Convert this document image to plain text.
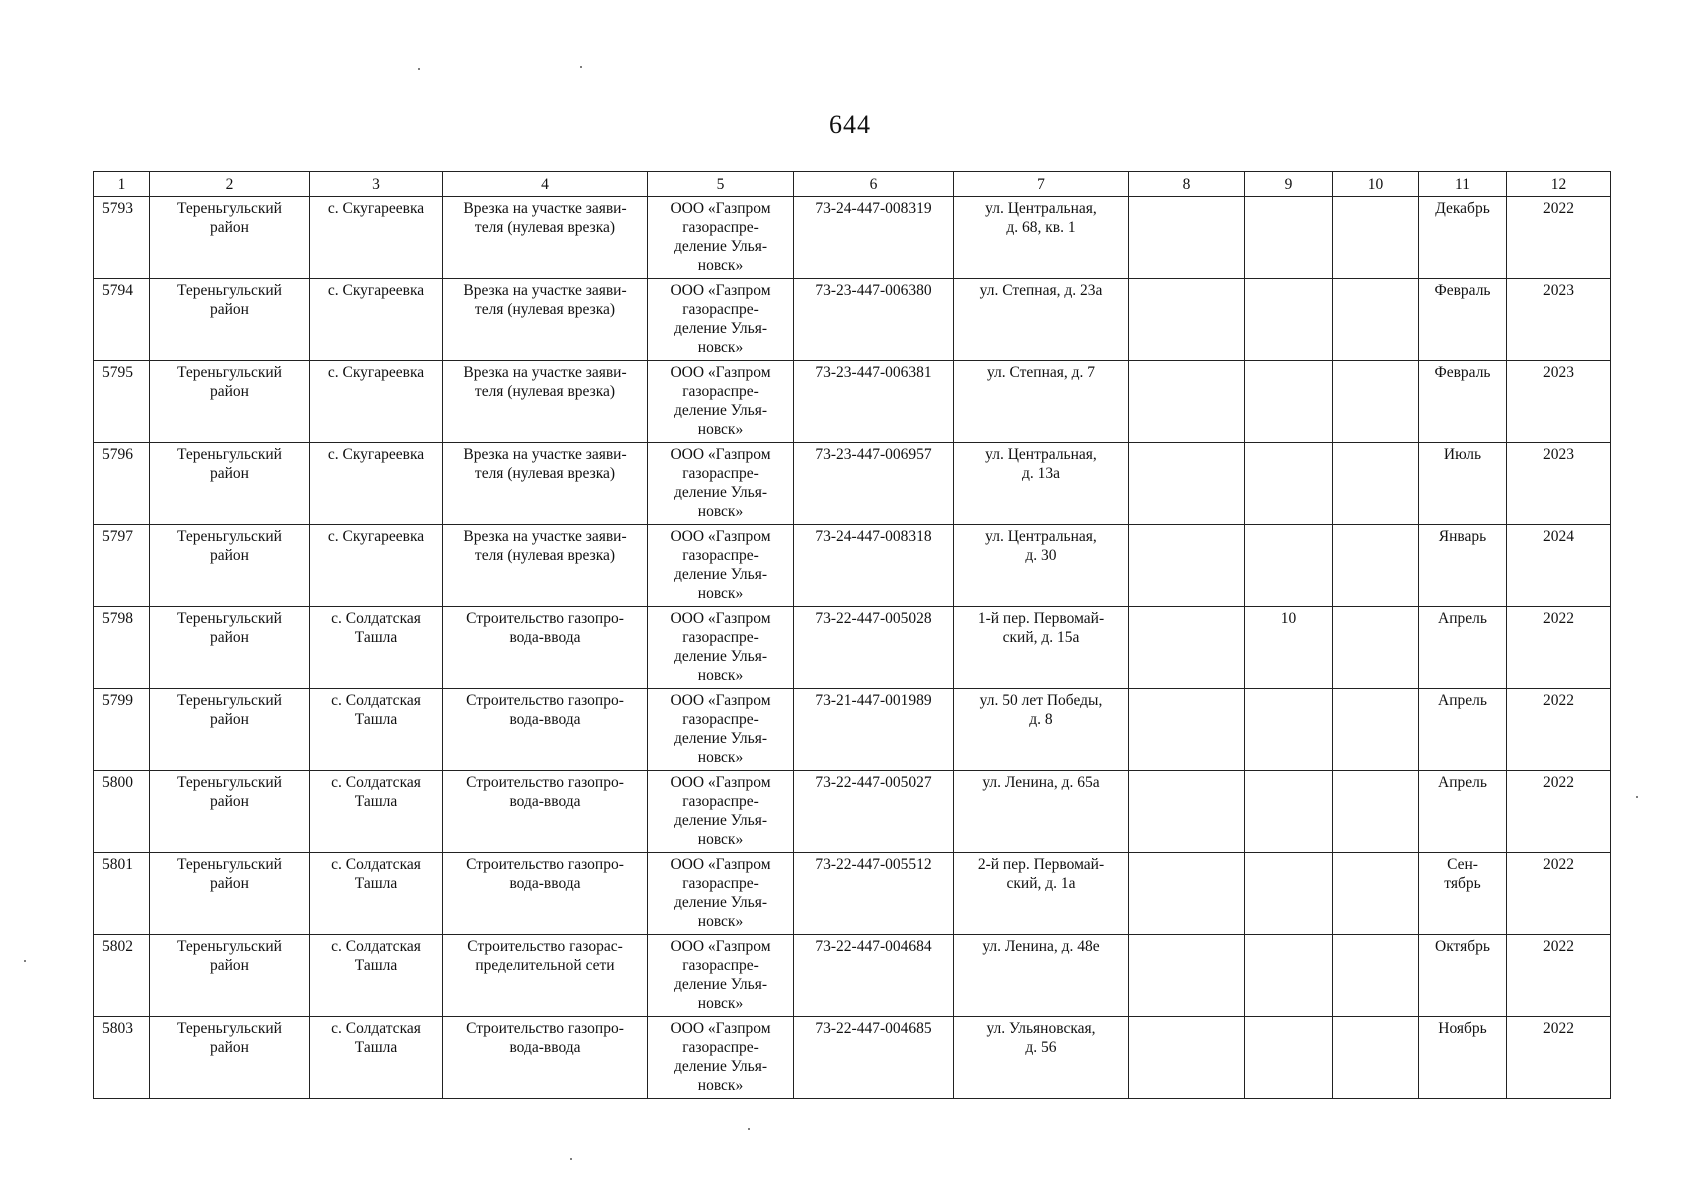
644
1	2	3	4	5	6	7	8	9	10	11	12

5793	Тереньгульский
район	с. Скугареевка	Врезка на участке заяви-
теля (нулевая врезка)	ООО «Газпром
газораспре-
деление Улья-
новск»	73-24-447-008319	ул. Центральная,
д. 68, кв. 1				Декабрь	2022

5794	Тереньгульский
район	с. Скугареевка	Врезка на участке заяви-
теля (нулевая врезка)	ООО «Газпром
газораспре-
деление Улья-
новск»	73-23-447-006380	ул. Степная, д. 23а				Февраль	2023

5795	Тереньгульский
район	с. Скугареевка	Врезка на участке заяви-
теля (нулевая врезка)	ООО «Газпром
газораспре-
деление Улья-
новск»	73-23-447-006381	ул. Степная, д. 7				Февраль	2023

5796	Тереньгульский
район	с. Скугареевка	Врезка на участке заяви-
теля (нулевая врезка)	ООО «Газпром
газораспре-
деление Улья-
новск»	73-23-447-006957	ул. Центральная,
д. 13а				Июль	2023

5797	Тереньгульский
район	с. Скугареевка	Врезка на участке заяви-
теля (нулевая врезка)	ООО «Газпром
газораспре-
деление Улья-
новск»	73-24-447-008318	ул. Центральная,
д. 30				Январь	2024

5798	Тереньгульский
район	с. Солдатская
Ташла	Строительство газопро-
вода-ввода	ООО «Газпром
газораспре-
деление Улья-
новск»	73-22-447-005028	1-й пер. Первомай-
ский, д. 15а		10		Апрель	2022

5799	Тереньгульский
район	с. Солдатская
Ташла	Строительство газопро-
вода-ввода	ООО «Газпром
газораспре-
деление Улья-
новск»	73-21-447-001989	ул. 50 лет Победы,
д. 8				Апрель	2022

5800	Тереньгульский
район	с. Солдатская
Ташла	Строительство газопро-
вода-ввода	ООО «Газпром
газораспре-
деление Улья-
новск»	73-22-447-005027	ул. Ленина, д. 65а				Апрель	2022

5801	Тереньгульский
район	с. Солдатская
Ташла	Строительство газопро-
вода-ввода	ООО «Газпром
газораспре-
деление Улья-
новск»	73-22-447-005512	2-й пер. Первомай-
ский, д. 1а				Сен-
тябрь	2022

5802	Тереньгульский
район	с. Солдатская
Ташла	Строительство газорас-
пределительной сети	ООО «Газпром
газораспре-
деление Улья-
новск»	73-22-447-004684	ул. Ленина, д. 48е				Октябрь	2022

5803	Тереньгульский
район	с. Солдатская
Ташла	Строительство газопро-
вода-ввода	ООО «Газпром
газораспре-
деление Улья-
новск»	73-22-447-004685	ул. Ульяновская,
д. 56				Ноябрь	2022
